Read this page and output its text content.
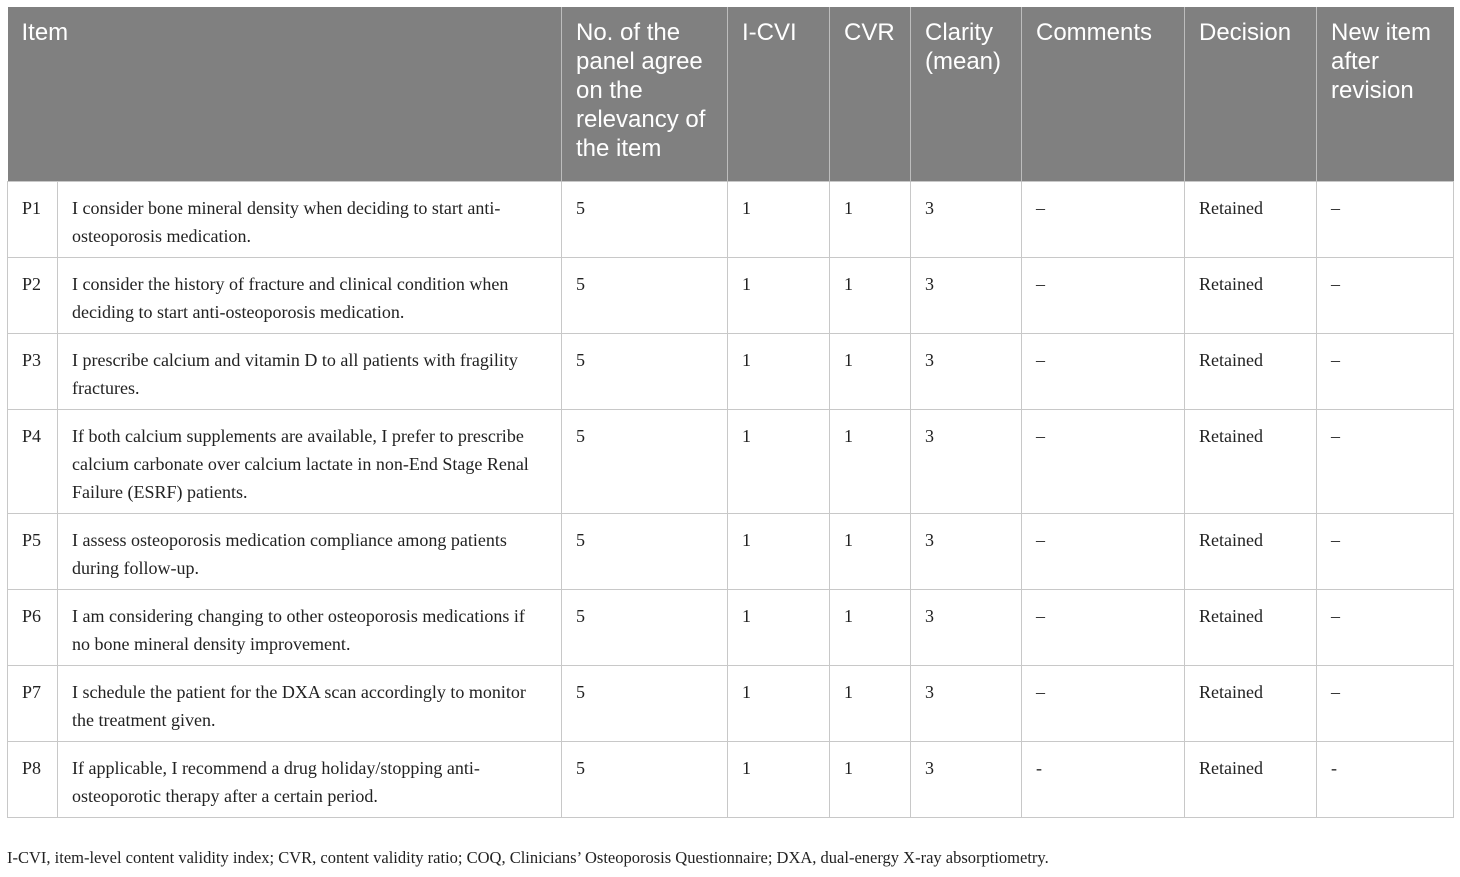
Item		No. of the panel agree on the relevancy of the item	I-CVI	CVR	Clarity (mean)	Comments	Decision	New item after revision
P1	I consider bone mineral density when deciding to start anti-osteoporosis medication.	5	1	1	3	–	Retained	–
P2	I consider the history of fracture and clinical condition when deciding to start anti-osteoporosis medication.	5	1	1	3	–	Retained	–
P3	I prescribe calcium and vitamin D to all patients with fragility fractures.	5	1	1	3	–	Retained	–
P4	If both calcium supplements are available, I prefer to prescribe calcium carbonate over calcium lactate in non-End Stage Renal Failure (ESRF) patients.	5	1	1	3	–	Retained	–
P5	I assess osteoporosis medication compliance among patients during follow-up.	5	1	1	3	–	Retained	–
P6	I am considering changing to other osteoporosis medications if no bone mineral density improvement.	5	1	1	3	–	Retained	–
P7	I schedule the patient for the DXA scan accordingly to monitor the treatment given.	5	1	1	3	–	Retained	–
P8	If applicable, I recommend a drug holiday/stopping anti-osteoporotic therapy after a certain period.	5	1	1	3	-	Retained	-
I-CVI, item-level content validity index; CVR, content validity ratio; COQ, Clinicians’ Osteoporosis Questionnaire; DXA, dual-energy X-ray absorptiometry.
